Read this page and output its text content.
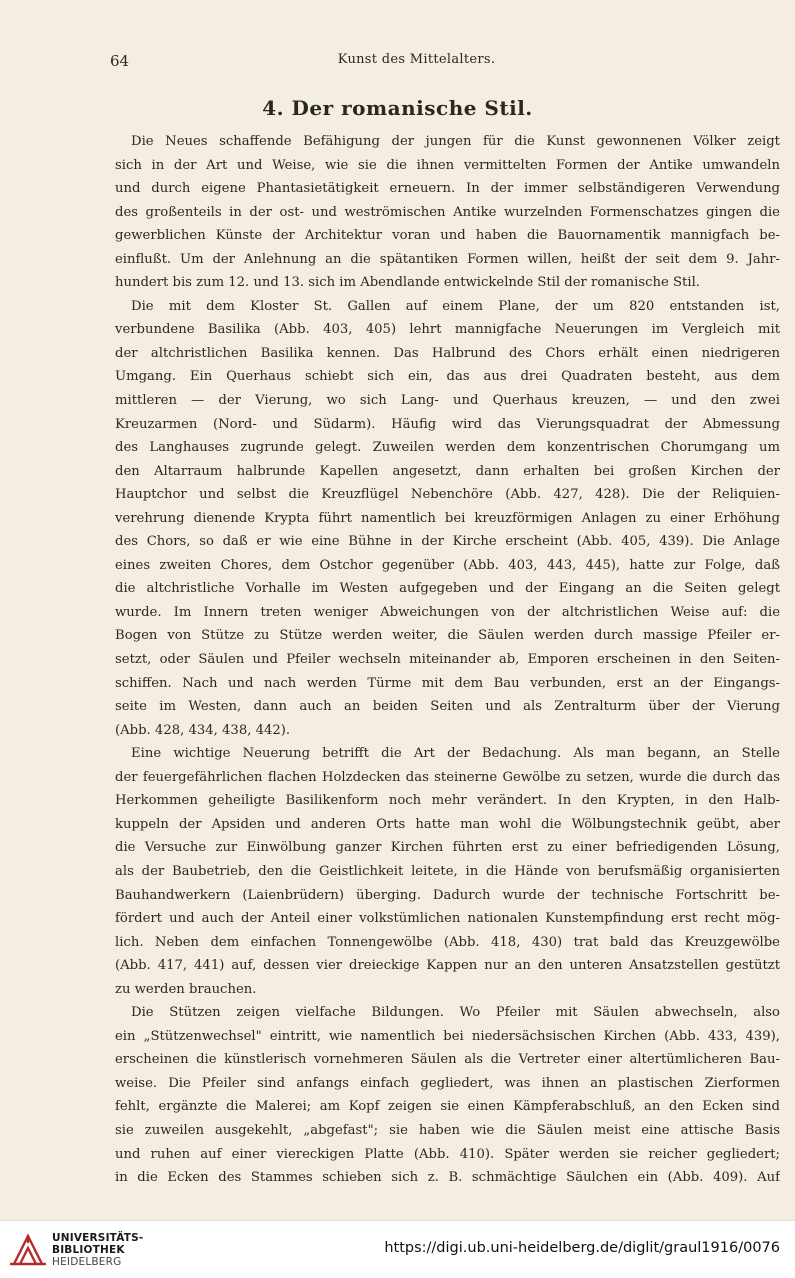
64	Kunst des Mittelalters.
4. Der romanische Stil.
Die Neues schaffende Befähigung der jungen für die Kunst gewonnenen Völker zeigt
sich in der Art und Weise, wie sie die ihnen vermittelten Formen der Antike umwandeln
und durch eigene Phantasietätigkeit erneuern. In der immer selbständigeren Verwendung
des großenteils in der ost- und weströmischen Antike wurzelnden Formenschatzes gingen die
gewerblichen Künste der Architektur voran und haben die Bauornamentik mannigfach be-
einflußt. Um der Anlehnung an die spätantiken Formen willen, heißt der seit dem 9. Jahr-
hundert bis zum 12. und 13. sich im Abendlande entwickelnde Stil der romanische Stil.
Die mit dem Kloster St. Gallen auf einem Plane, der um 820 entstanden ist,
verbundene Basilika (Abb. 403, 405) lehrt mannigfache Neuerungen im Vergleich mit
der altchristlichen Basilika kennen. Das Halbrund des Chors erhält einen niedrigeren
Umgang. Ein Querhaus schiebt sich ein, das aus drei Quadraten besteht, aus dem
mittleren — der Vierung, wo sich Lang- und Querhaus kreuzen, — und den zwei
Kreuzarmen (Nord- und Südarm). Häufig wird das Vierungsquadrat der Abmessung
des Langhauses zugrunde gelegt. Zuweilen werden dem konzentrischen Chorumgang um
den Altarraum halbrunde Kapellen angesetzt, dann erhalten bei großen Kirchen der
Hauptchor und selbst die Kreuzflügel Nebenchöre (Abb. 427, 428). Die der Reliquien-
verehrung dienende Krypta führt namentlich bei kreuzförmigen Anlagen zu einer Erhöhung
des Chors, so daß er wie eine Bühne in der Kirche erscheint (Abb. 405, 439). Die Anlage
eines zweiten Chores, dem Ostchor gegenüber (Abb. 403, 443, 445), hatte zur Folge, daß
die altchristliche Vorhalle im Westen aufgegeben und der Eingang an die Seiten gelegt
wurde. Im Innern treten weniger Abweichungen von der altchristlichen Weise auf: die
Bogen von Stütze zu Stütze werden weiter, die Säulen werden durch massige Pfeiler er-
setzt, oder Säulen und Pfeiler wechseln miteinander ab, Emporen erscheinen in den Seiten-
schiffen. Nach und nach werden Türme mit dem Bau verbunden, erst an der Eingangs-
seite im Westen, dann auch an beiden Seiten und als Zentralturm über der Vierung
(Abb. 428, 434, 438, 442).
Eine wichtige Neuerung betrifft die Art der Bedachung. Als man begann, an Stelle
der feuergefährlichen flachen Holzdecken das steinerne Gewölbe zu setzen, wurde die durch das
Herkommen geheiligte Basilikenform noch mehr verändert. In den Krypten, in den Halb-
kuppeln der Apsiden und anderen Orts hatte man wohl die Wölbungstechnik geübt, aber
die Versuche zur Einwölbung ganzer Kirchen führten erst zu einer befriedigenden Lösung,
als der Baubetrieb, den die Geistlichkeit leitete, in die Hände von berufsmäßig organisierten
Bauhandwerkern (Laienbrüdern) überging. Dadurch wurde der technische Fortschritt be-
fördert und auch der Anteil einer volkstümlichen nationalen Kunstempfindung erst recht mög-
lich. Neben dem einfachen Tonnengewölbe (Abb. 418, 430) trat bald das Kreuzgewölbe
(Abb. 417, 441) auf, dessen vier dreieckige Kappen nur an den unteren Ansatzstellen gestützt
zu werden brauchen.
Die Stützen zeigen vielfache Bildungen. Wo Pfeiler mit Säulen abwechseln, also
ein „Stützenwechsel" eintritt, wie namentlich bei niedersächsischen Kirchen (Abb. 433, 439),
erscheinen die künstlerisch vornehmeren Säulen als die Vertreter einer altertümlicheren Bau-
weise. Die Pfeiler sind anfangs einfach gegliedert, was ihnen an plastischen Zierformen
fehlt, ergänzte die Malerei; am Kopf zeigen sie einen Kämpferabschluß, an den Ecken sind
sie zuweilen ausgekehlt, „abgefast"; sie haben wie die Säulen meist eine attische Basis
und ruhen auf einer viereckigen Platte (Abb. 410). Später werden sie reicher gegliedert;
in die Ecken des Stammes schieben sich z. B. schmächtige Säulchen ein (Abb. 409). Auf
UNIVERSITÄTS-
BIBLIOTHEK
HEIDELBERG
https://digi.ub.uni-heidelberg.de/diglit/graul1916/0076
